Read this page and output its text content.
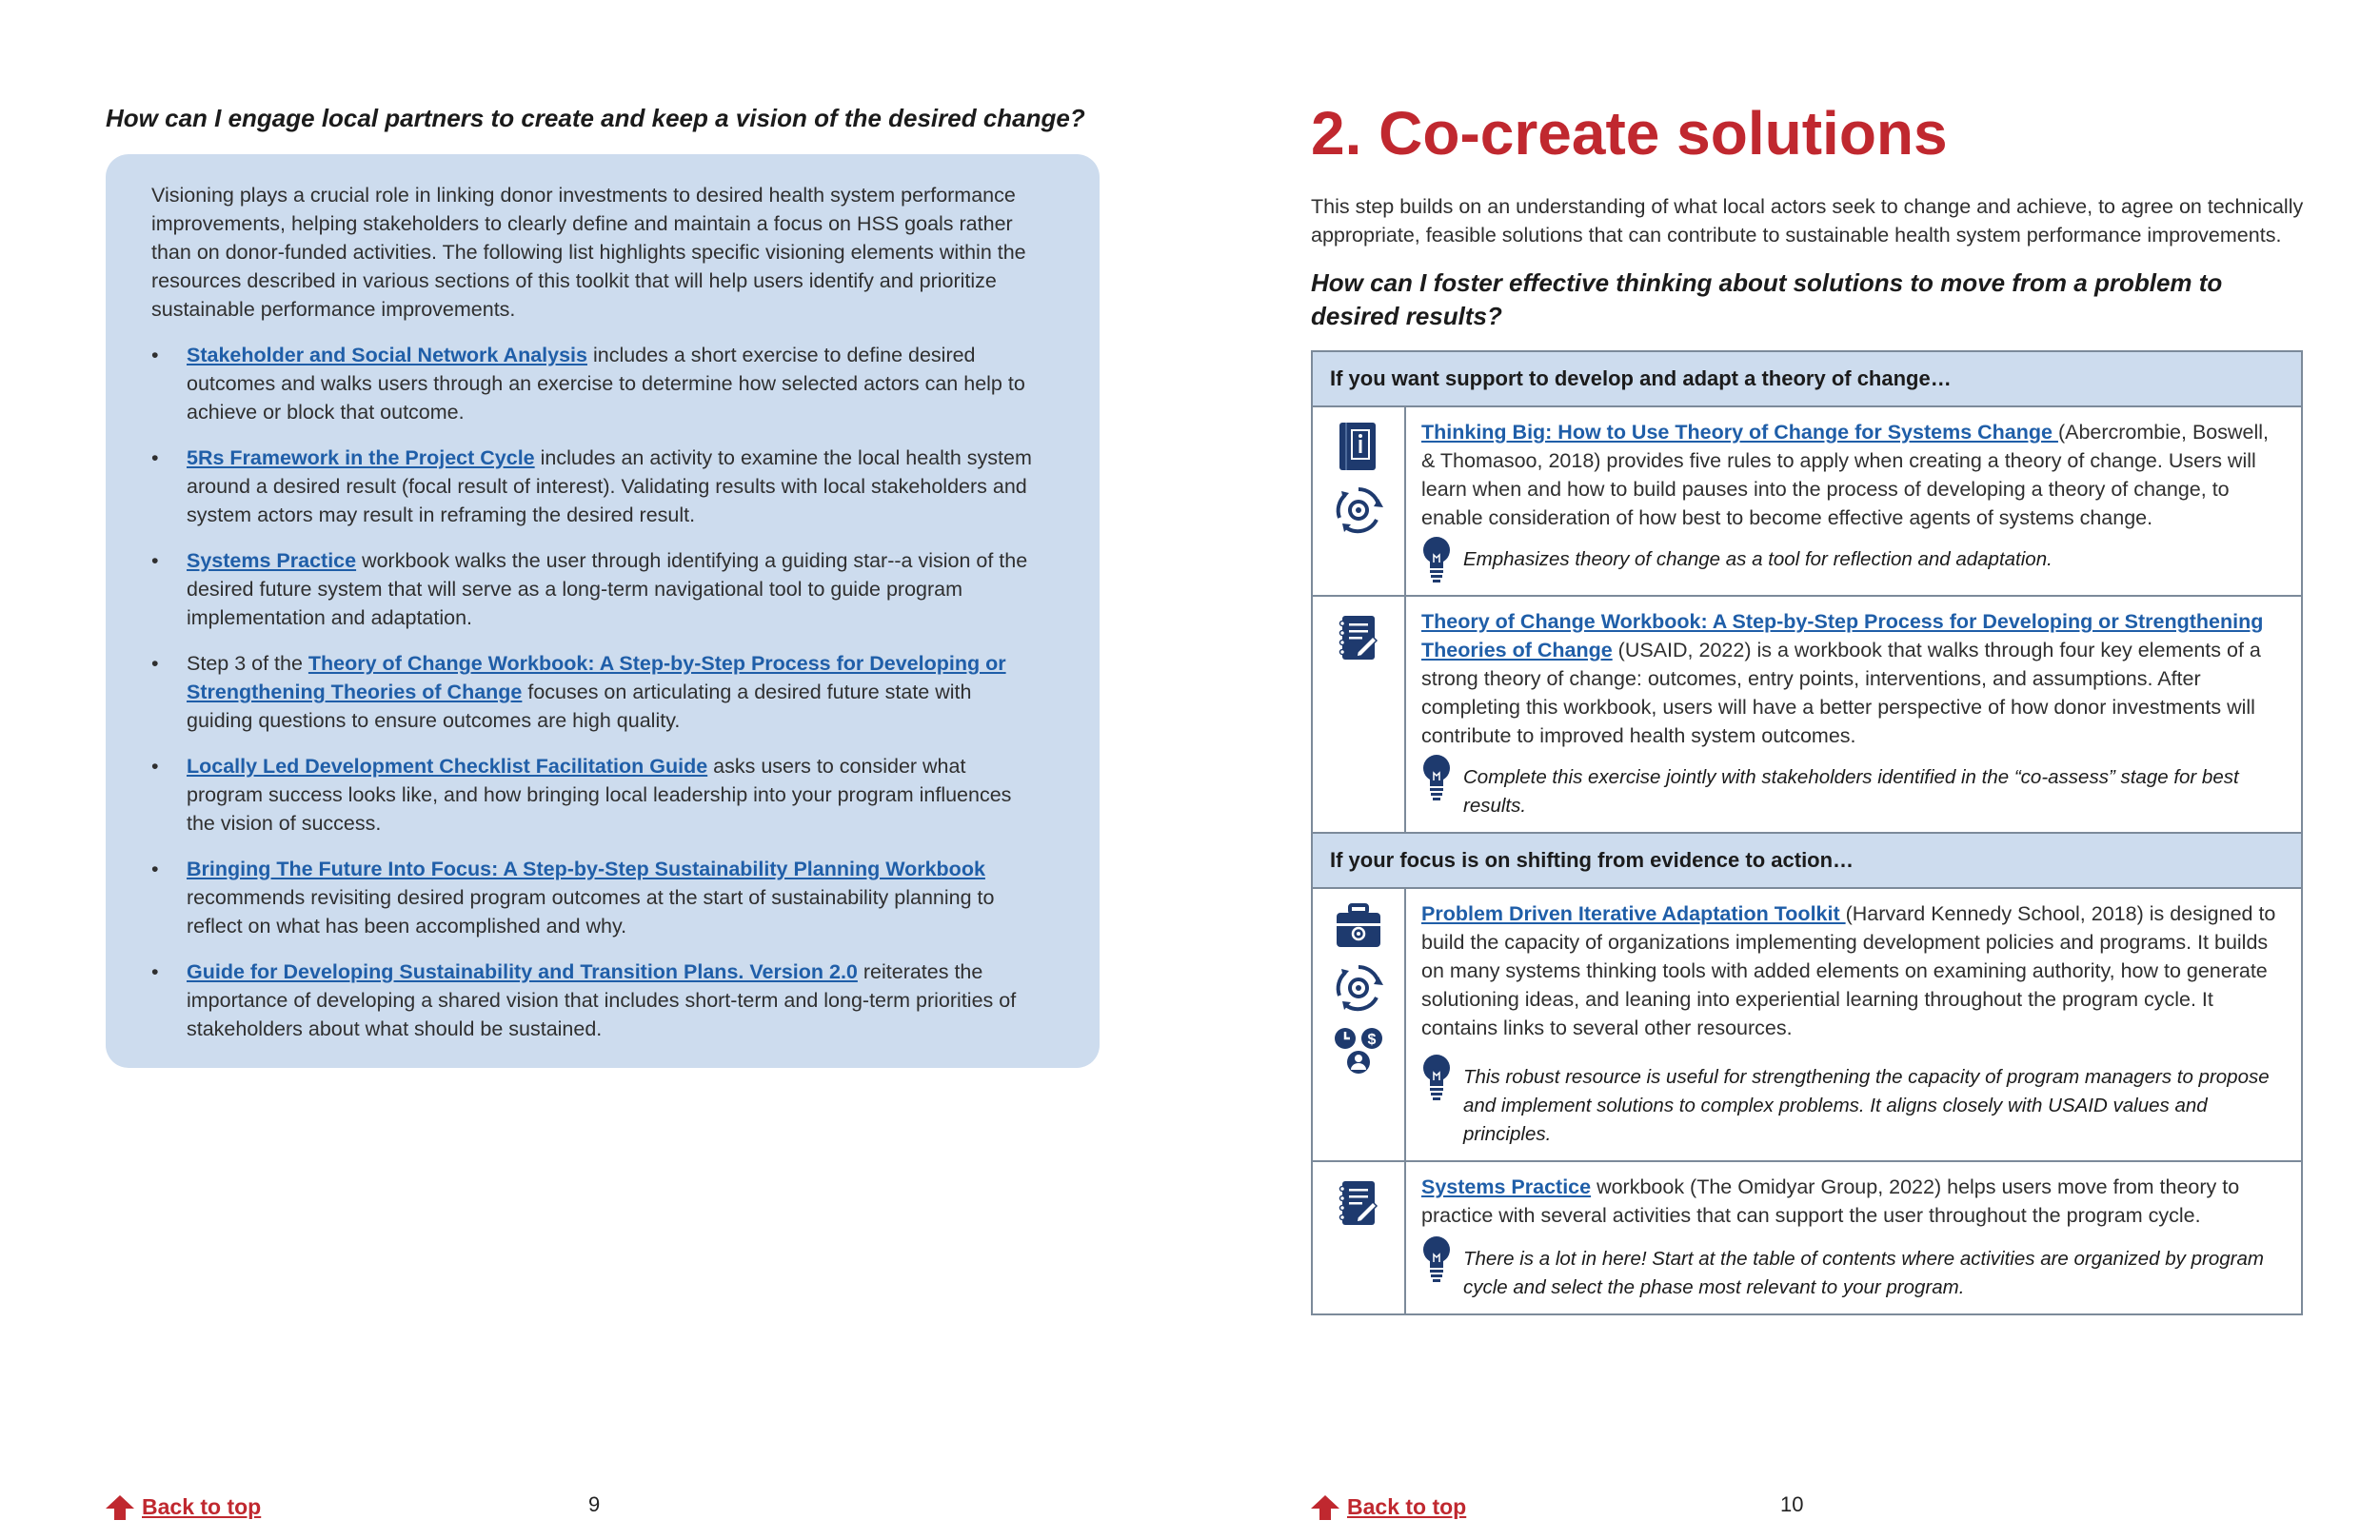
How can I engage local partners to create and keep a vision of the desired change?

Visioning plays a crucial role in linking donor investments to desired health system performance improvements, helping stakeholders to clearly define and maintain a focus on HSS goals rather than on donor-funded activities. The following list highlights specific visioning elements within the resources described in various sections of this toolkit that will help users identify and prioritize sustainable performance improvements.

• Stakeholder and Social Network Analysis includes a short exercise to define desired outcomes and walks users through an exercise to determine how selected actors can help to achieve or block that outcome.
• 5Rs Framework in the Project Cycle includes an activity to examine the local health system around a desired result (focal result of interest). Validating results with local stakeholders and system actors may result in reframing the desired result.
• Systems Practice workbook walks the user through identifying a guiding star--a vision of the desired future system that will serve as a long-term navigational tool to guide program implementation and adaptation.
• Step 3 of the Theory of Change Workbook: A Step-by-Step Process for Developing or Strengthening Theories of Change focuses on articulating a desired future state with guiding questions to ensure outcomes are high quality.
• Locally Led Development Checklist Facilitation Guide asks users to consider what program success looks like, and how bringing local leadership into your program influences the vision of success.
• Bringing The Future Into Focus: A Step-by-Step Sustainability Planning Workbook recommends revisiting desired program outcomes at the start of sustainability planning to reflect on what has been accomplished and why.
• Guide for Developing Sustainability and Transition Plans. Version 2.0 reiterates the importance of developing a shared vision that includes short-term and long-term priorities of stakeholders about what should be sustained.
Back to top	9
2. Co-create solutions

This step builds on an understanding of what local actors seek to change and achieve, to agree on technically appropriate, feasible solutions that can contribute to sustainable health system performance improvements.

How can I foster effective thinking about solutions to move from a problem to desired results?
If you want support to develop and adapt a theory of change…	

	Thinking Big: How to Use Theory of Change for Systems Change (Abercrombie, Boswell, & Thomasoo, 2018) provides five rules to apply when creating a theory of change. Users will learn when and how to build pauses into the process of developing a theory of change, to enable consideration of how best to become effective agents of systems change.
Emphasizes theory of change as a tool for reflection and adaptation.

	Theory of Change Workbook: A Step-by-Step Process for Developing or Strengthening Theories of Change (USAID, 2022) is a workbook that walks through four key elements of a strong theory of change: outcomes, entry points, interventions, and assumptions. After completing this workbook, users will have a better perspective of how donor investments will contribute to improved health system outcomes.
Complete this exercise jointly with stakeholders identified in the “co-assess” stage for best results.

If your focus is on shifting from evidence to action…	

$	Problem Driven Iterative Adaptation Toolkit (Harvard Kennedy School, 2018) is designed to build the capacity of organizations implementing development policies and programs. It builds on many systems thinking tools with added elements on examining authority, how to generate solutioning ideas, and leaning into experiential learning throughout the program cycle. It contains links to several other resources.
This robust resource is useful for strengthening the capacity of program managers to propose and implement solutions to complex problems. It aligns closely with USAID values and principles.

	Systems Practice workbook (The Omidyar Group, 2022) helps users move from theory to practice with several activities that can support the user throughout the program cycle.
There is a lot in here! Start at the table of contents where activities are organized by program cycle and select the phase most relevant to your program.
Back to top	10
